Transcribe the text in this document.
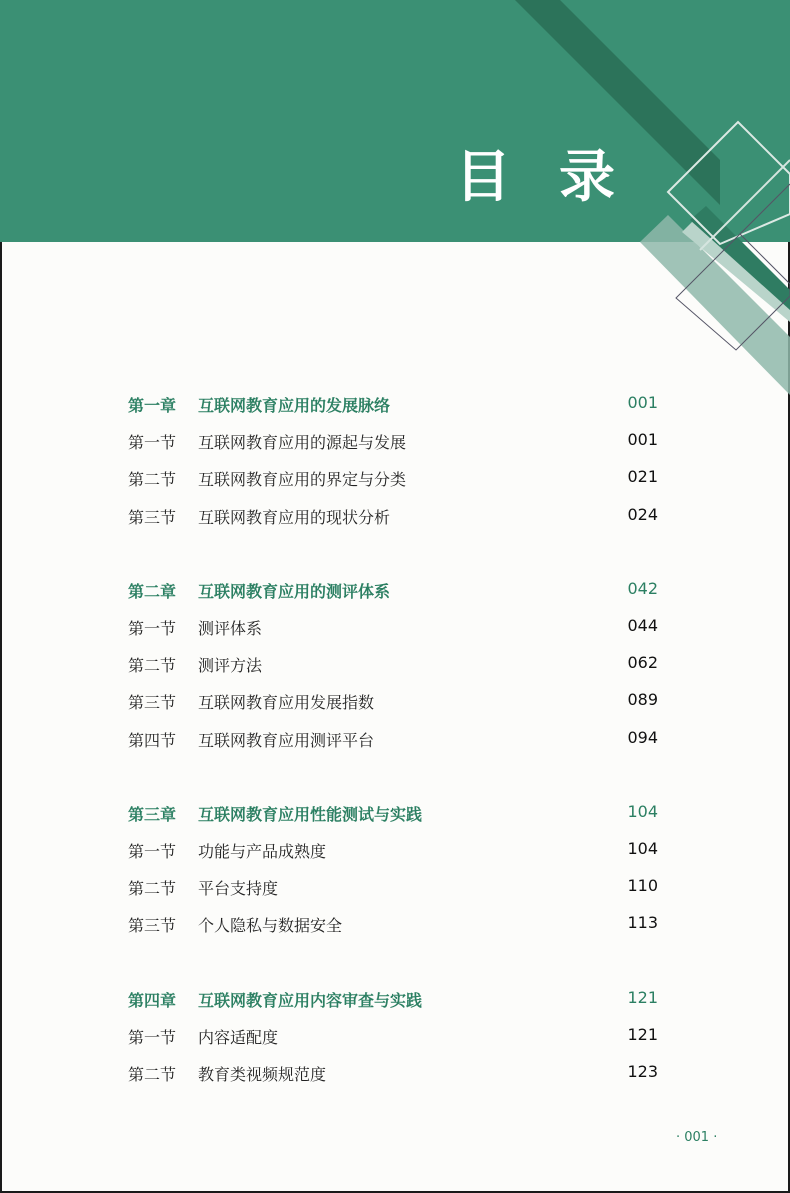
目录
第一章 互联网教育应用的发展脉络	001
第一节 互联网教育应用的源起与发展	001
第二节 互联网教育应用的界定与分类	021
第三节 互联网教育应用的现状分析	024
第二章 互联网教育应用的测评体系	042
第一节 测评体系	044
第二节 测评方法	062
第三节 互联网教育应用发展指数	089
第四节 互联网教育应用测评平台	094
第三章 互联网教育应用性能测试与实践	104
第一节 功能与产品成熟度	104
第二节 平台支持度	110
第三节 个人隐私与数据安全	113
第四章 互联网教育应用内容审查与实践	121
第一节 内容适配度	121
第二节 教育类视频规范度	123
· 001 ·
